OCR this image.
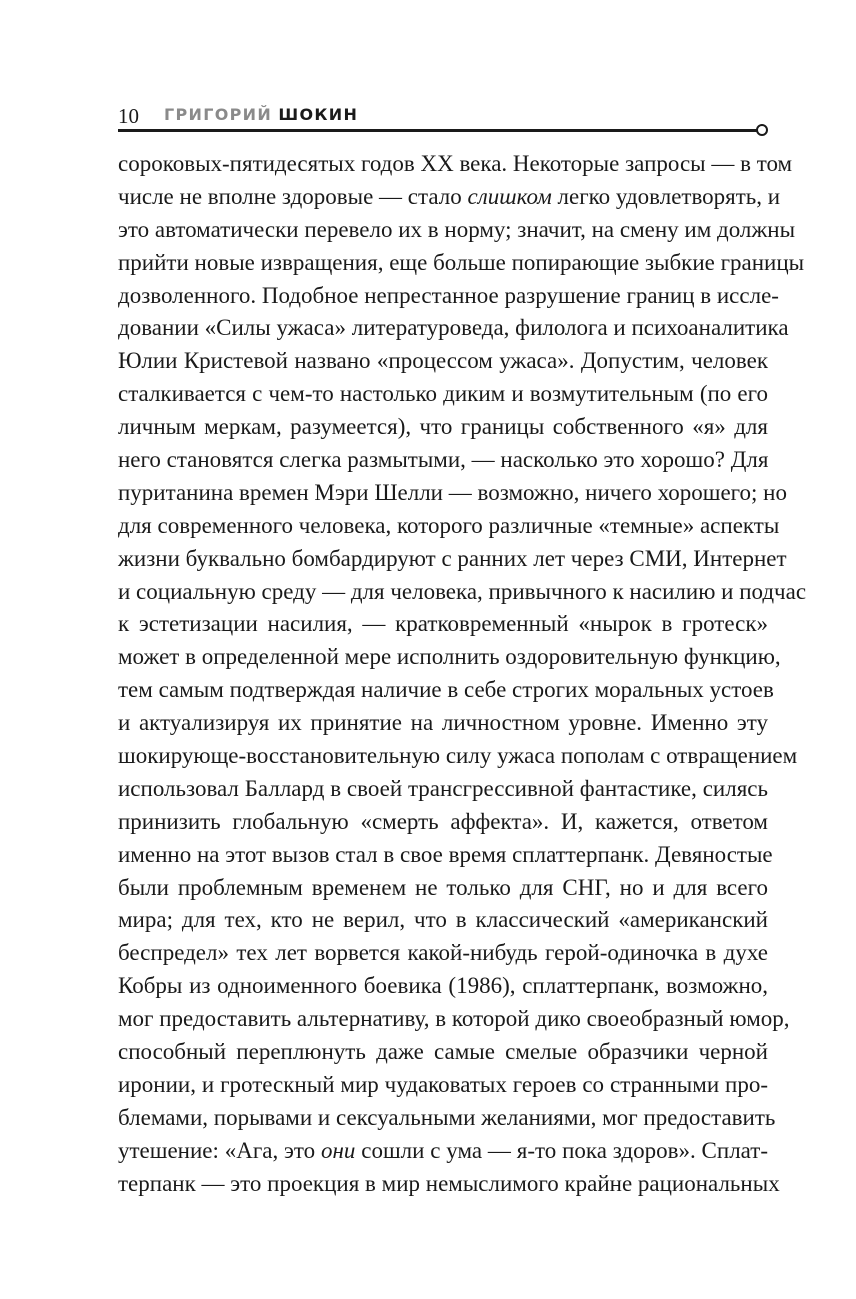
10 ГРИГОРИЙ ШОКИН
сороковых-пятидесятых годов XX века. Некоторые запросы — в том
числе не вполне здоровые — стало слишком легко удовлетворять, и
это автоматически перевело их в норму; значит, на смену им должны
прийти новые извращения, еще больше попирающие зыбкие границы
дозволенного. Подобное непрестанное разрушение границ в иссле-
довании «Силы ужаса» литературоведа, филолога и психоаналитика
Юлии Кристевой названо «процессом ужаса». Допустим, человек
сталкивается с чем-то настолько диким и возмутительным (по его
личным меркам, разумеется), что границы собственного «я» для
него становятся слегка размытыми, — насколько это хорошо? Для
пуританина времен Мэри Шелли — возможно, ничего хорошего; но
для современного человека, которого различные «темные» аспекты
жизни буквально бомбардируют с ранних лет через СМИ, Интернет
и социальную среду — для человека, привычного к насилию и подчас
к эстетизации насилия, — кратковременный «нырок в гротеск»
может в определенной мере исполнить оздоровительную функцию,
тем самым подтверждая наличие в себе строгих моральных устоев
и актуализируя их принятие на личностном уровне. Именно эту
шокирующе-восстановительную силу ужаса пополам с отвращением
использовал Баллард в своей трансгрессивной фантастике, силясь
принизить глобальную «смерть аффекта». И, кажется, ответом
именно на этот вызов стал в свое время сплаттерпанк. Девяностые
были проблемным временем не только для СНГ, но и для всего
мира; для тех, кто не верил, что в классический «американский
беспредел» тех лет ворвется какой-нибудь герой-одиночка в духе
Кобры из одноименного боевика (1986), сплаттерпанк, возможно,
мог предоставить альтернативу, в которой дико своеобразный юмор,
способный переплюнуть даже самые смелые образчики черной
иронии, и гротескный мир чудаковатых героев со странными про-
блемами, порывами и сексуальными желаниями, мог предоставить
утешение: «Ага, это они сошли с ума — я-то пока здоров». Сплат-
терпанк — это проекция в мир немыслимого крайне рациональных
